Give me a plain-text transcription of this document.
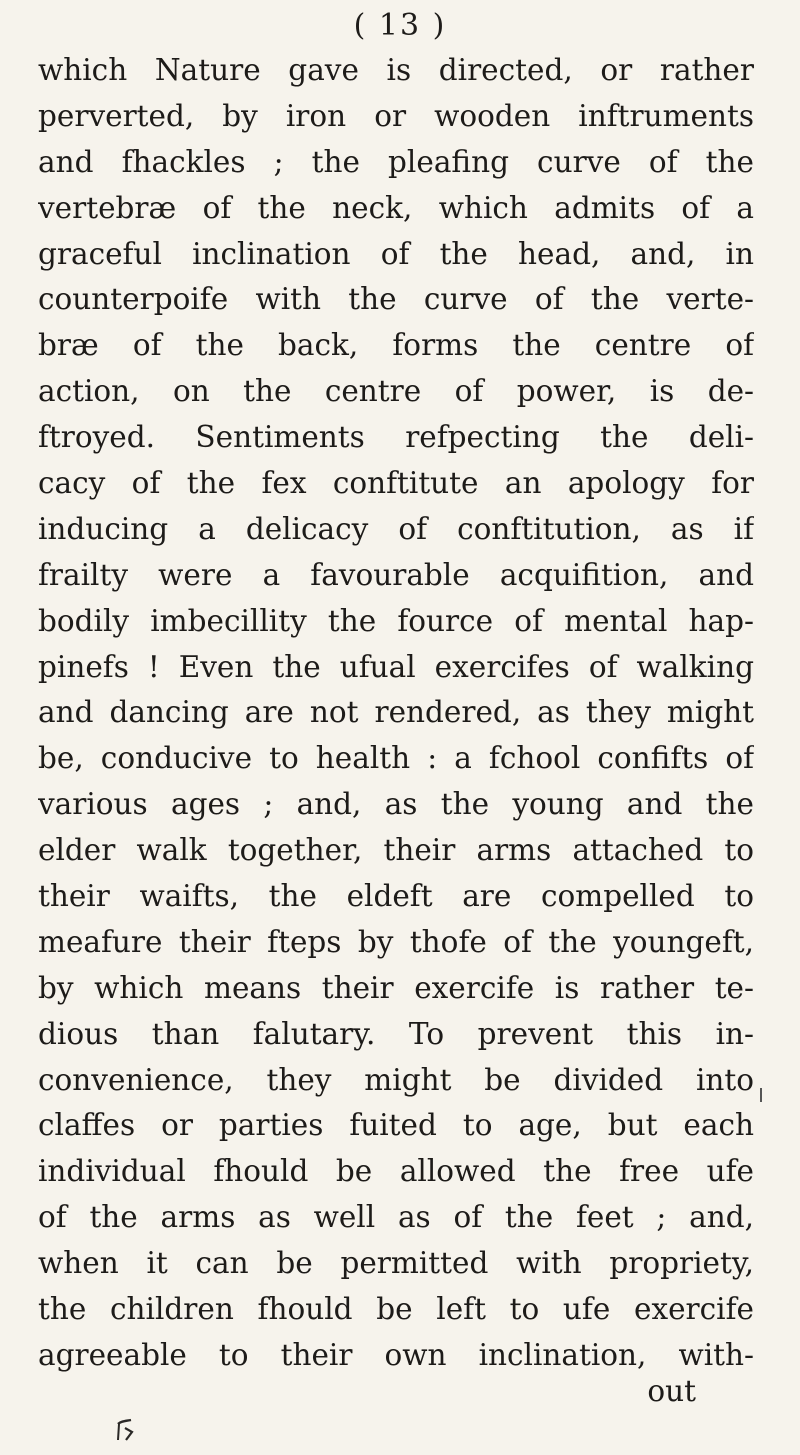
( 13 )
which Nature gave is directed, or rather
perverted, by iron or wooden inftruments
and fhackles ; the pleafing curve of the
vertebræ of the neck, which admits of a
graceful inclination of the head, and, in
counterpoife with the curve of the verte-
bræ of the back, forms the centre of
action, on the centre of power, is de-
ftroyed. Sentiments refpecting the deli-
cacy of the fex conftitute an apology for
inducing a delicacy of conftitution, as if
frailty were a favourable acquifition, and
bodily imbecillity the fource of mental hap-
pinefs ! Even the ufual exercifes of walking
and dancing are not rendered, as they might
be, conducive to health : a fchool confifts of
various ages ; and, as the young and the
elder walk together, their arms attached to
their waifts, the eldeft are compelled to
meafure their fteps by thofe of the youngeft,
by which means their exercife is rather te-
dious than falutary. To prevent this in-
convenience, they might be divided into
claffes or parties fuited to age, but each
individual fhould be allowed the free ufe
of the arms as well as of the feet ; and,
when it can be permitted with propriety,
the children fhould be left to ufe exercife
agreeable to their own inclination, with-
out
